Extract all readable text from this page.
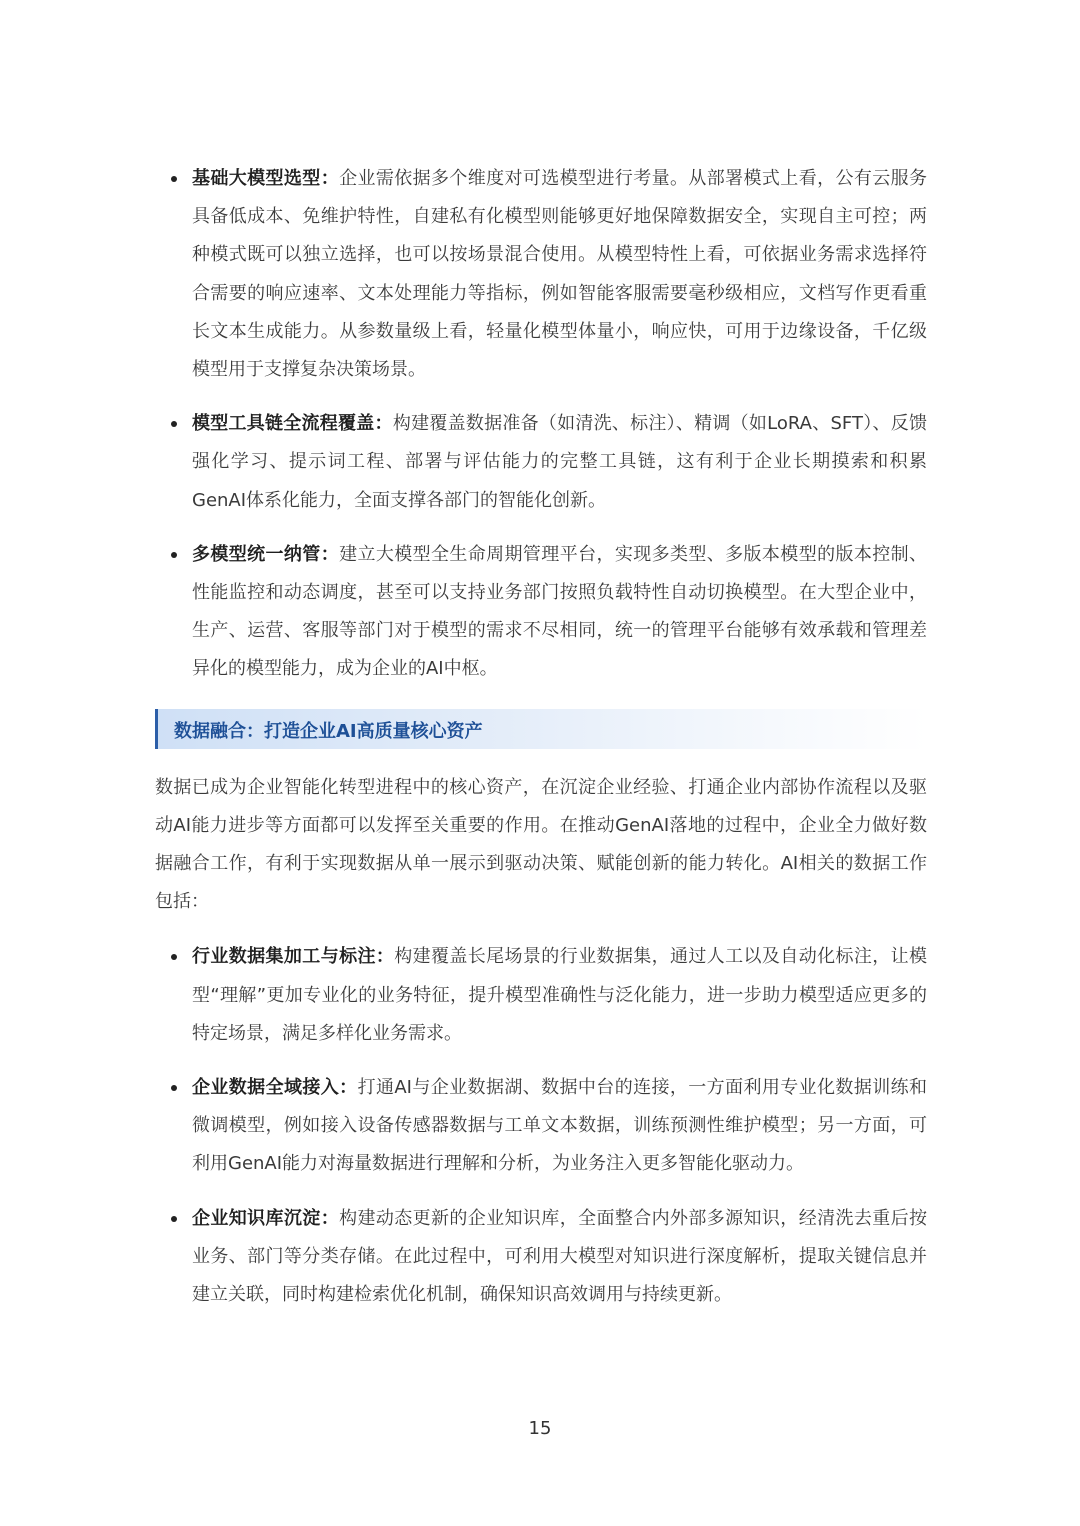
基础大模型选型：企业需依据多个维度对可选模型进行考量。从部署模式上看，公有云服务具备低成本、免维护特性，自建私有化模型则能够更好地保障数据安全，实现自主可控；两种模式既可以独立选择，也可以按场景混合使用。从模型特性上看，可依据业务需求选择符合需要的响应速率、文本处理能力等指标，例如智能客服需要毫秒级相应，文档写作更看重长文本生成能力。从参数量级上看，轻量化模型体量小，响应快，可用于边缘设备，千亿级模型用于支撑复杂决策场景。
模型工具链全流程覆盖：构建覆盖数据准备（如清洗、标注）、精调（如LoRA、SFT）、反馈强化学习、提示词工程、部署与评估能力的完整工具链，这有利于企业长期摸索和积累GenAI体系化能力，全面支撑各部门的智能化创新。
多模型统一纳管：建立大模型全生命周期管理平台，实现多类型、多版本模型的版本控制、性能监控和动态调度，甚至可以支持业务部门按照负载特性自动切换模型。在大型企业中，生产、运营、客服等部门对于模型的需求不尽相同，统一的管理平台能够有效承载和管理差异化的模型能力，成为企业的AI中枢。
数据融合：打造企业AI高质量核心资产

数据已成为企业智能化转型进程中的核心资产，在沉淀企业经验、打通企业内部协作流程以及驱动AI能力进步等方面都可以发挥至关重要的作用。在推动GenAI落地的过程中，企业全力做好数据融合工作，有利于实现数据从单一展示到驱动决策、赋能创新的能力转化。AI相关的数据工作包括：

行业数据集加工与标注：构建覆盖长尾场景的行业数据集，通过人工以及自动化标注，让模型“理解”更加专业化的业务特征，提升模型准确性与泛化能力，进一步助力模型适应更多的特定场景，满足多样化业务需求。
企业数据全域接入：打通AI与企业数据湖、数据中台的连接，一方面利用专业化数据训练和微调模型，例如接入设备传感器数据与工单文本数据，训练预测性维护模型；另一方面，可利用GenAI能力对海量数据进行理解和分析，为业务注入更多智能化驱动力。
企业知识库沉淀：构建动态更新的企业知识库，全面整合内外部多源知识，经清洗去重后按业务、部门等分类存储。在此过程中，可利用大模型对知识进行深度解析，提取关键信息并建立关联，同时构建检索优化机制，确保知识高效调用与持续更新。
15
